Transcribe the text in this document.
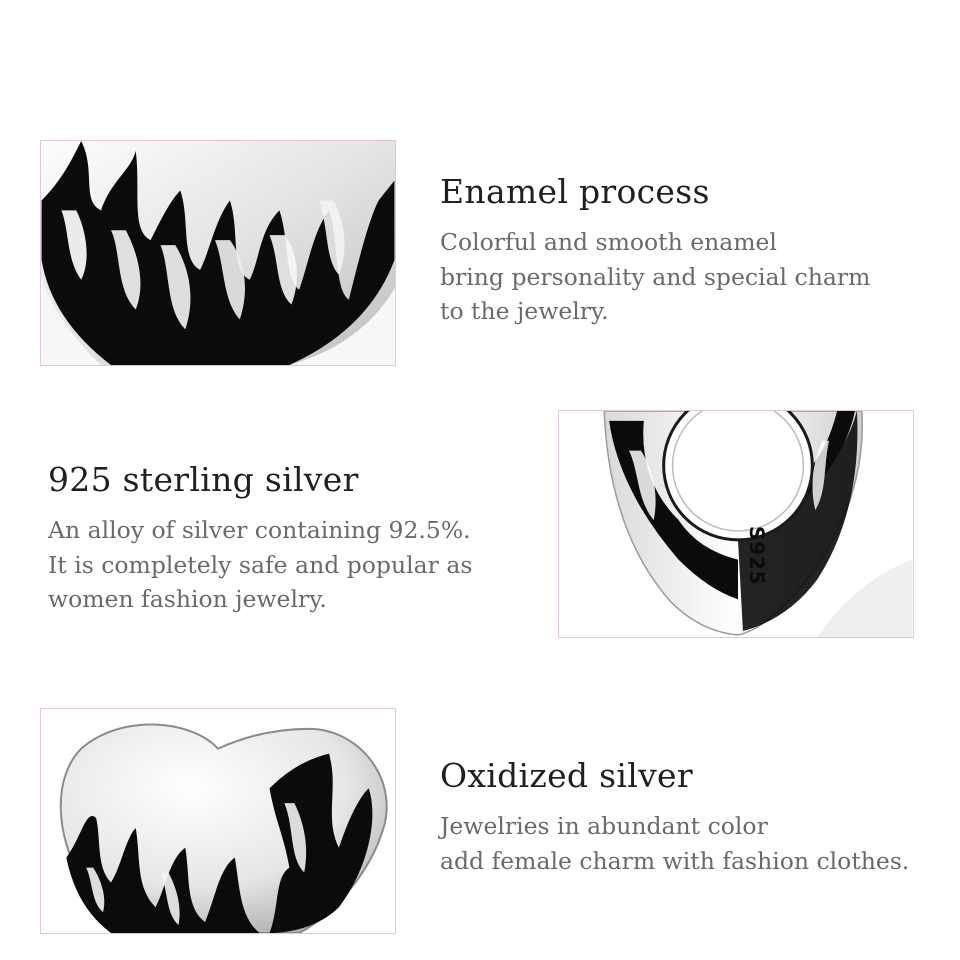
Enamel process

Colorful and smooth enamel
bring personality and special charm
to the jewelry.

S925
925 sterling silver

An alloy of silver containing 92.5%.
It is completely safe and popular as
women fashion jewelry.

Oxidized silver

Jewelries in abundant color
add female charm with fashion clothes.
